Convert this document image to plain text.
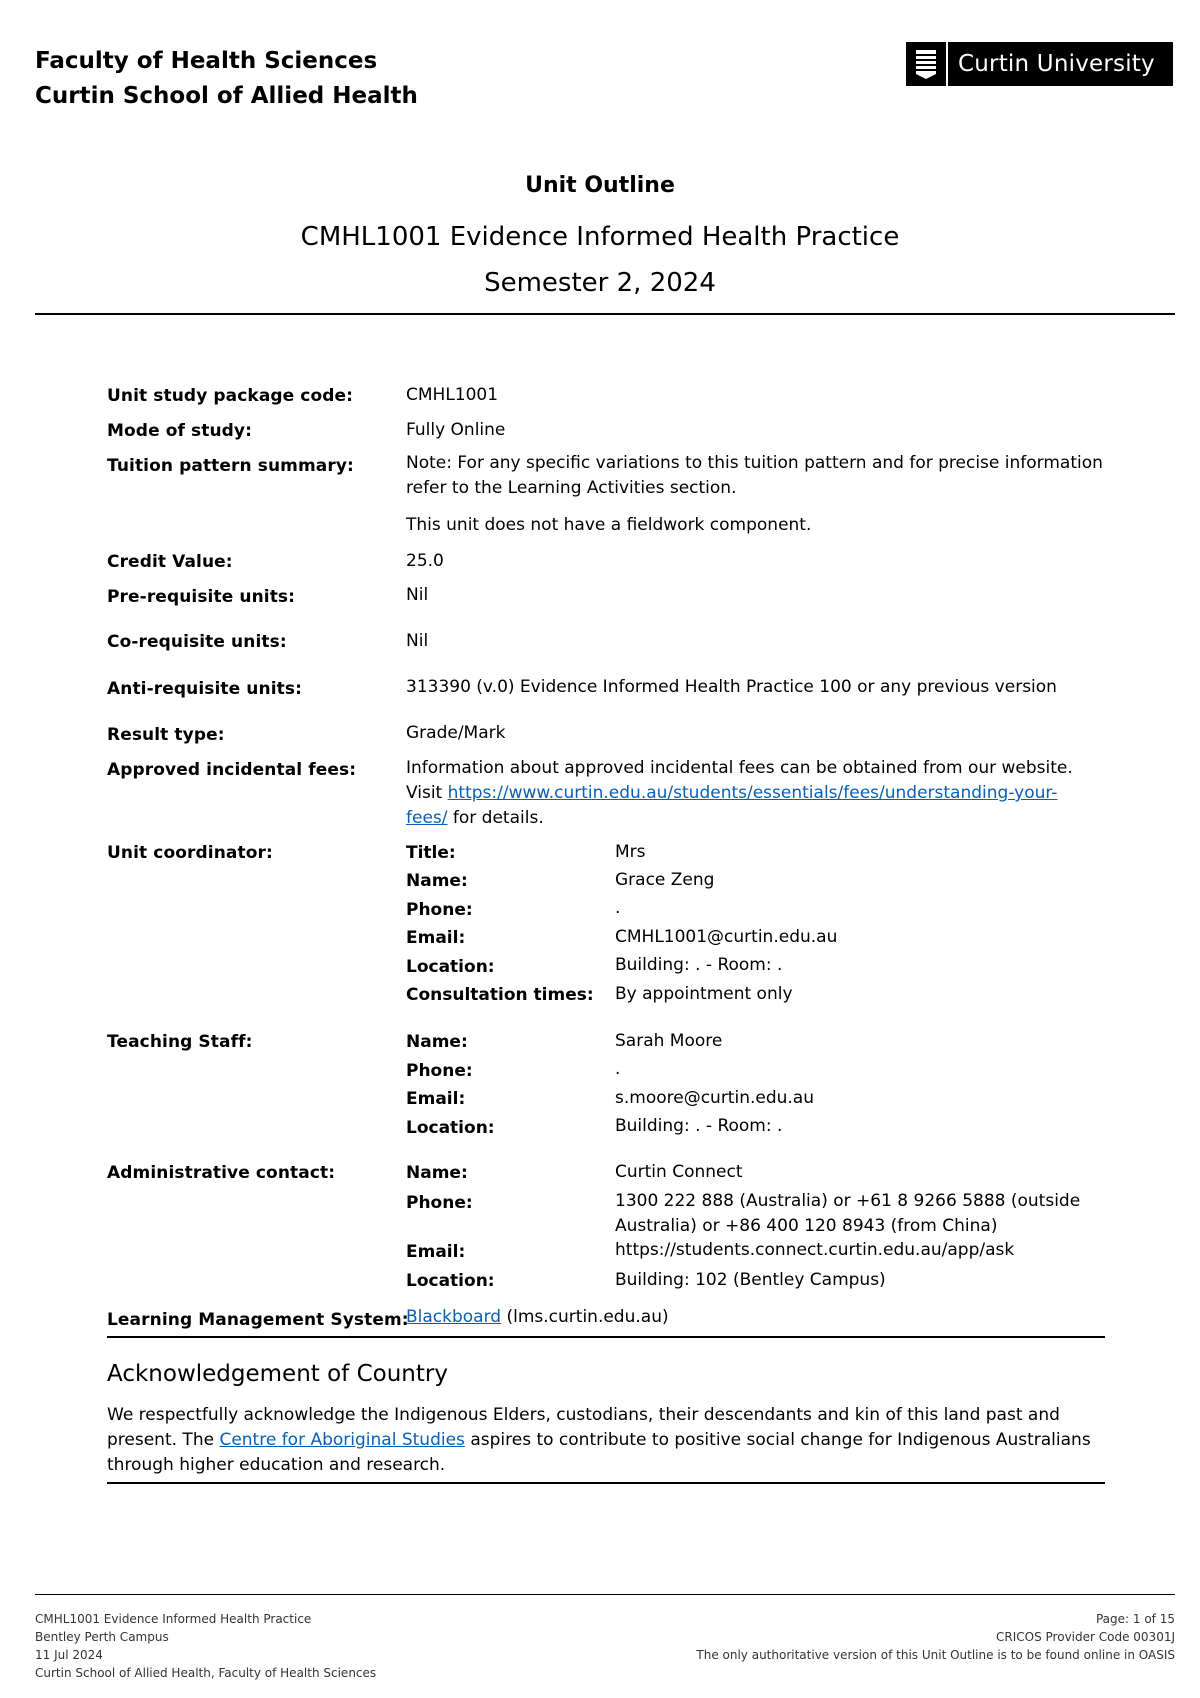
Faculty of Health Sciences
Curtin School of Allied Health
Curtin University
Unit Outline
CMHL1001 Evidence Informed Health Practice
Semester 2, 2024
Unit study package code:	CMHL1001
Mode of study:	Fully Online
Tuition pattern summary:	Note: For any specific variations to this tuition pattern and for precise information refer to the Learning Activities section.
This unit does not have a fieldwork component.
Credit Value:	25.0
Pre-requisite units:	Nil
Co-requisite units:	Nil
Anti-requisite units:	313390 (v.0) Evidence Informed Health Practice 100 or any previous version
Result type:	Grade/Mark
Approved incidental fees:	Information about approved incidental fees can be obtained from our website.
Visit https://www.curtin.edu.au/students/essentials/fees/understanding-your-
fees/ for details.
Unit coordinator:	Title:	Mrs
Name:	Grace Zeng
Phone:	.
Email:	CMHL1001@curtin.edu.au
Location:	Building: . - Room: .
Consultation times: By appointment only
Teaching Staff:	Name:	Sarah Moore
Phone:	.
Email:	s.moore@curtin.edu.au
Location:	Building: . - Room: .
Administrative contact:	Name:	Curtin Connect
Phone:	1300 222 888 (Australia) or +61 8 9266 5888 (outside
Australia) or +86 400 120 8943 (from China)
Email:	https://students.connect.curtin.edu.au/app/ask
Location:	Building: 102 (Bentley Campus)
Learning Management System:
Blackboard (lms.curtin.edu.au)
Acknowledgement of Country
We respectfully acknowledge the Indigenous Elders, custodians, their descendants and kin of this land past and present. The Centre for Aboriginal Studies aspires to contribute to positive social change for Indigenous Australians through higher education and research.
CMHL1001 Evidence Informed Health Practice
Bentley Perth Campus
11 Jul 2024
Curtin School of Allied Health, Faculty of Health Sciences
Page: 1 of 15
CRICOS Provider Code 00301J
The only authoritative version of this Unit Outline is to be found online in OASIS
